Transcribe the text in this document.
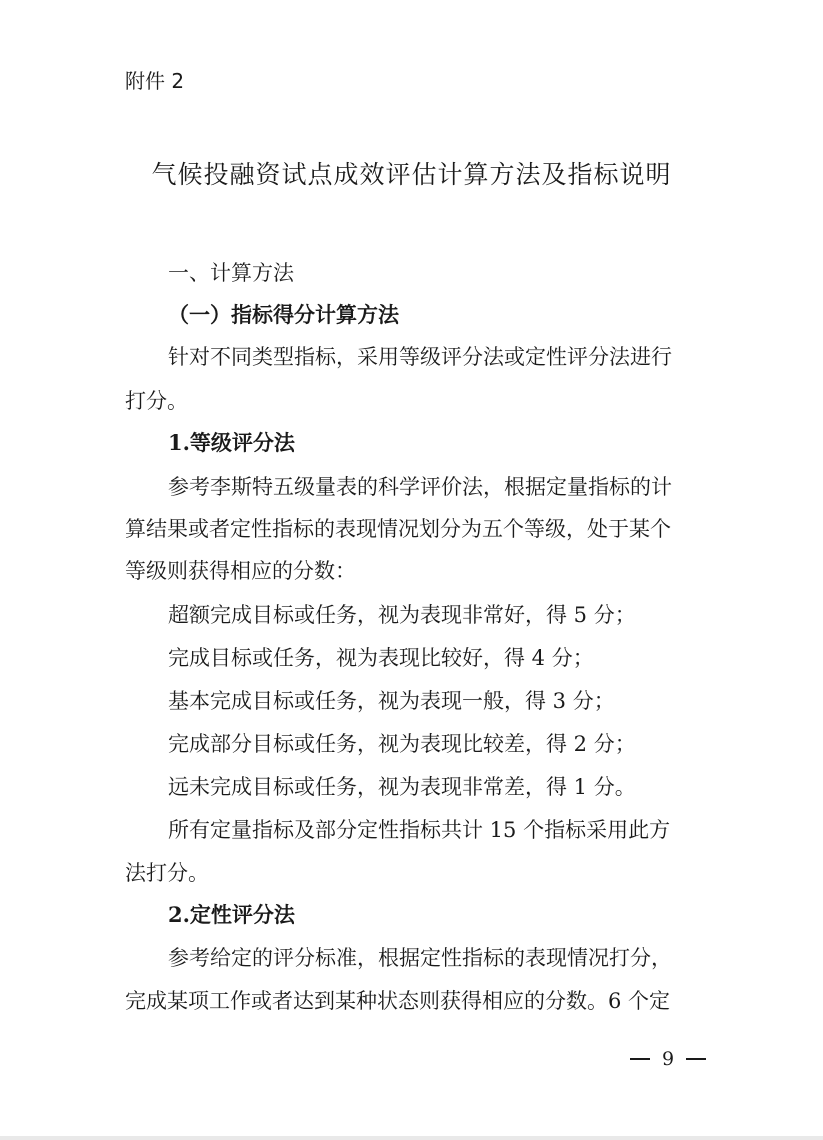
附件 2
气候投融资试点成效评估计算方法及指标说明
一、计算方法
（一）指标得分计算方法
针对不同类型指标，采用等级评分法或定性评分法进行
打分。
1.等级评分法
参考李斯特五级量表的科学评价法，根据定量指标的计
算结果或者定性指标的表现情况划分为五个等级，处于某个
等级则获得相应的分数：
超额完成目标或任务，视为表现非常好，得 5 分；
完成目标或任务，视为表现比较好，得 4 分；
基本完成目标或任务，视为表现一般，得 3 分；
完成部分目标或任务，视为表现比较差，得 2 分；
远未完成目标或任务，视为表现非常差，得 1 分。
所有定量指标及部分定性指标共计 15 个指标采用此方
法打分。
2.定性评分法
参考给定的评分标准，根据定性指标的表现情况打分，
完成某项工作或者达到某种状态则获得相应的分数。6 个定
9
